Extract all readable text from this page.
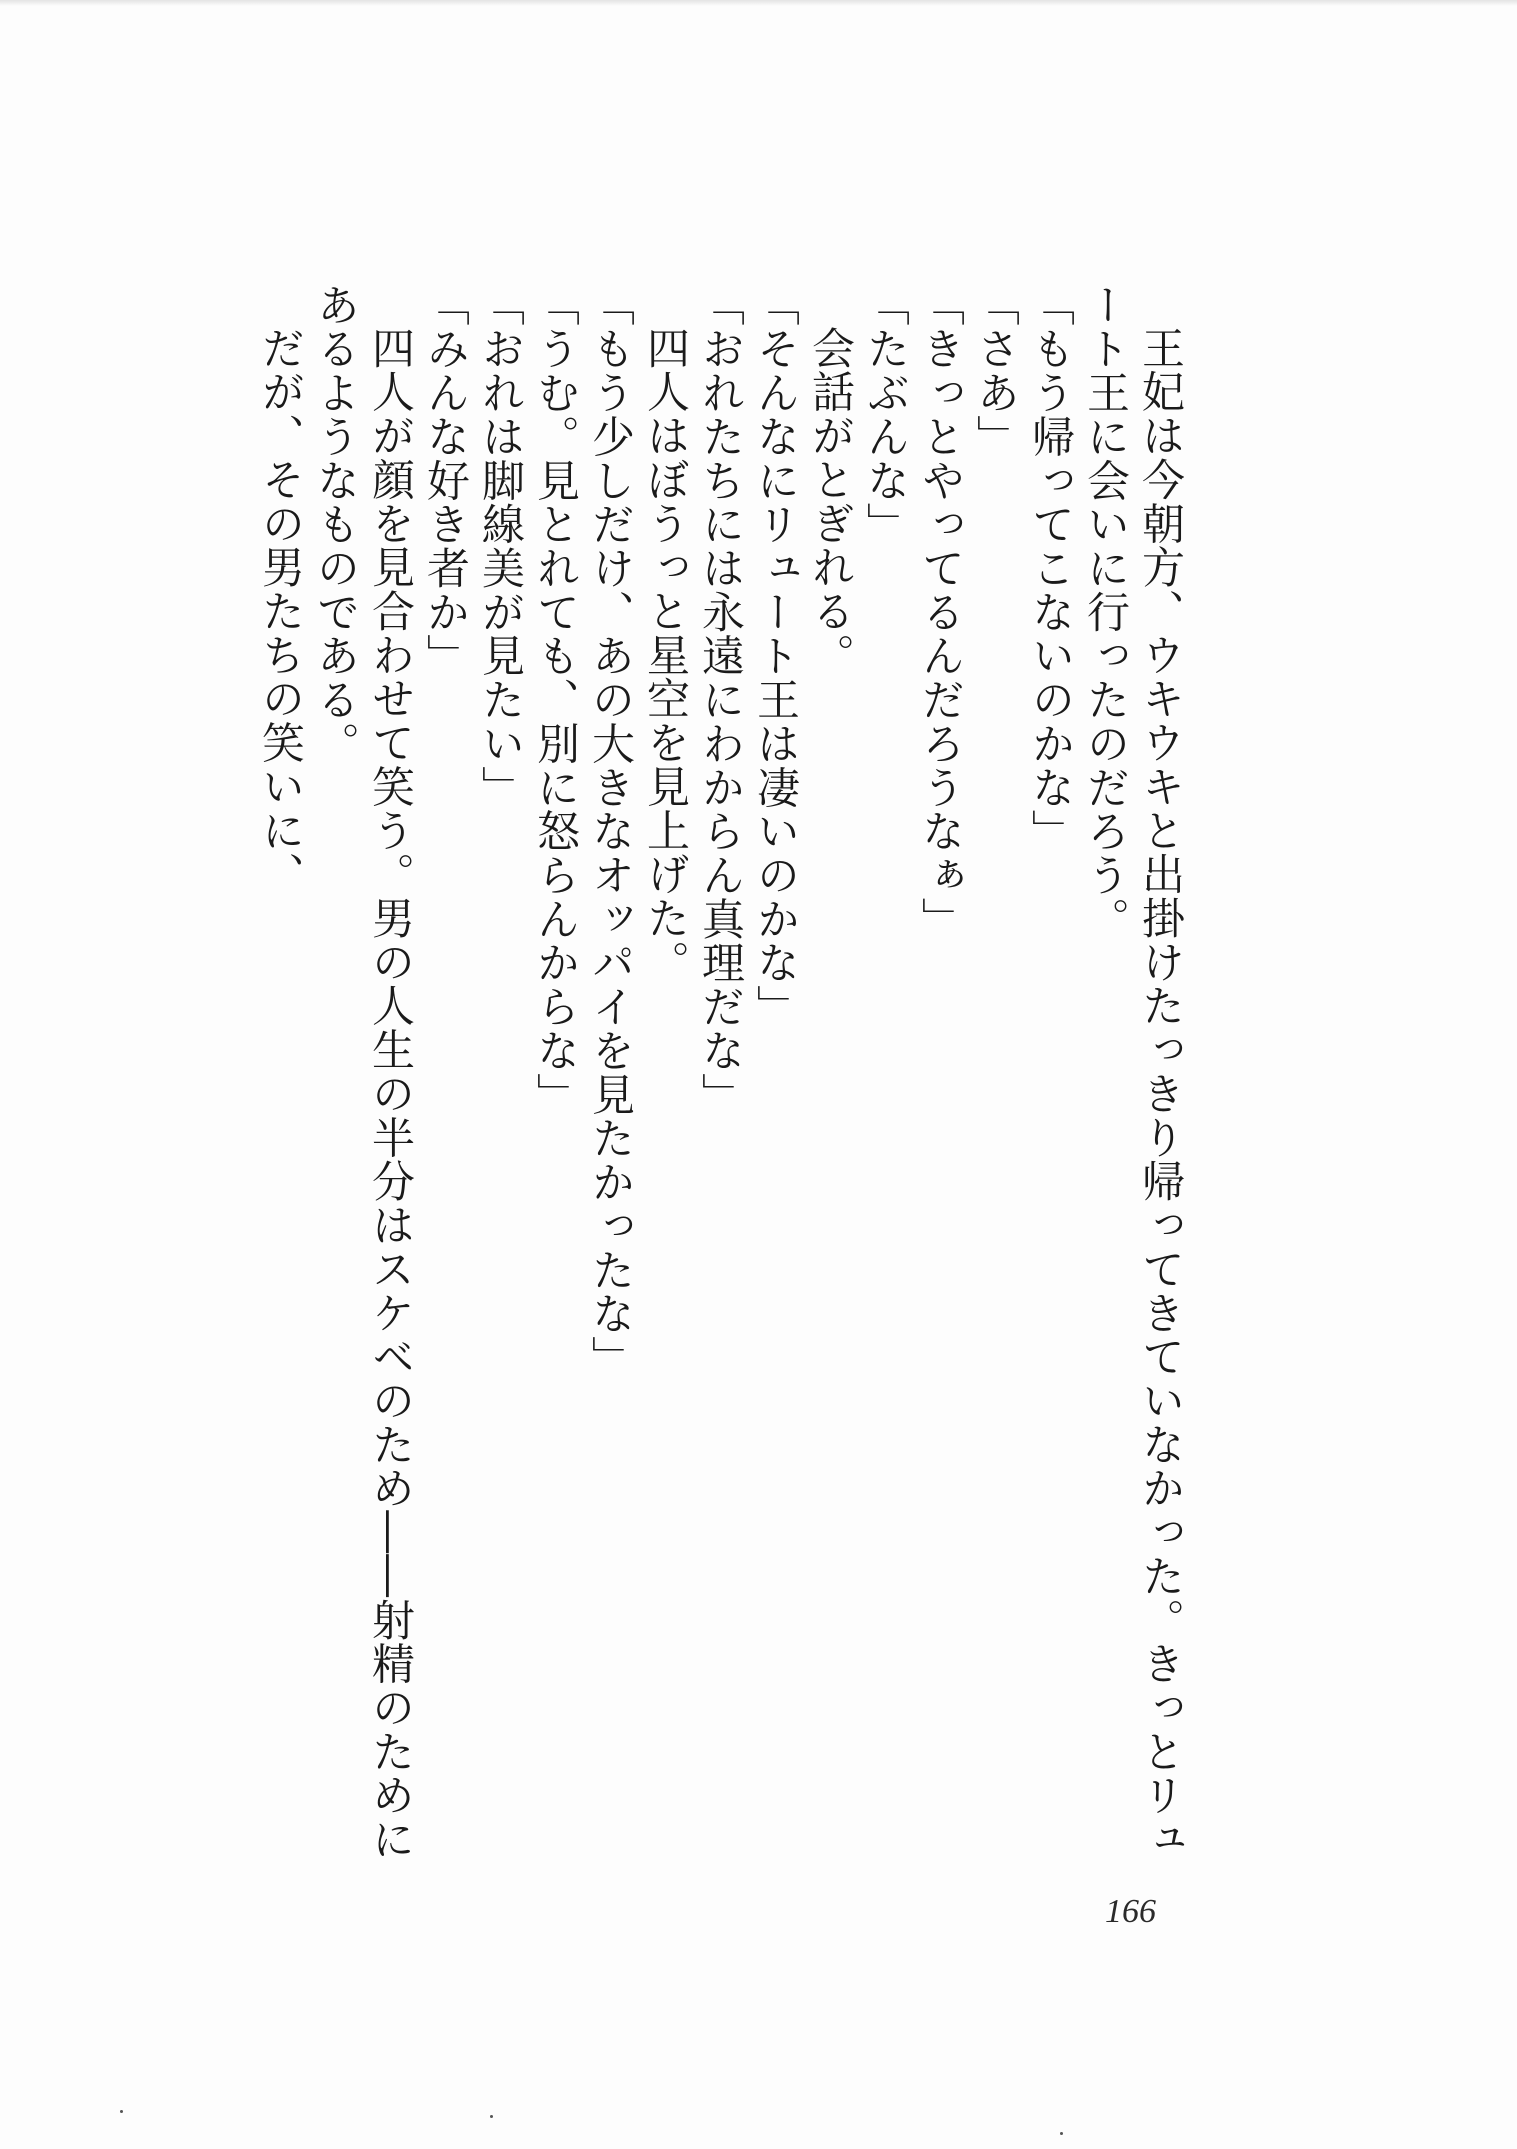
王妃は今朝方、ウキウキと出掛けたっきり帰ってきていなかった。きっとリュート王に会いに行ったのだろう。

「もう帰ってこないのかな」

「さあ」

「きっとやってるんだろうなぁ」

「たぶんな」

会話がとぎれる。

「そんなにリュート王は凄いのかな」

「おれたちには永遠にわからん真理だな」

四人はぼうっと星空を見上げた。

「もう少しだけ、あの大きなオッパイを見たかったな」

「うむ。見とれても、別に怒らんからな」

「おれは脚線美が見たい」

「みんな好き者か」

四人が顔を見合わせて笑う。男の人生の半分はスケベのため――射精のためにあるようなものである。

だが、その男たちの笑いに、

166
